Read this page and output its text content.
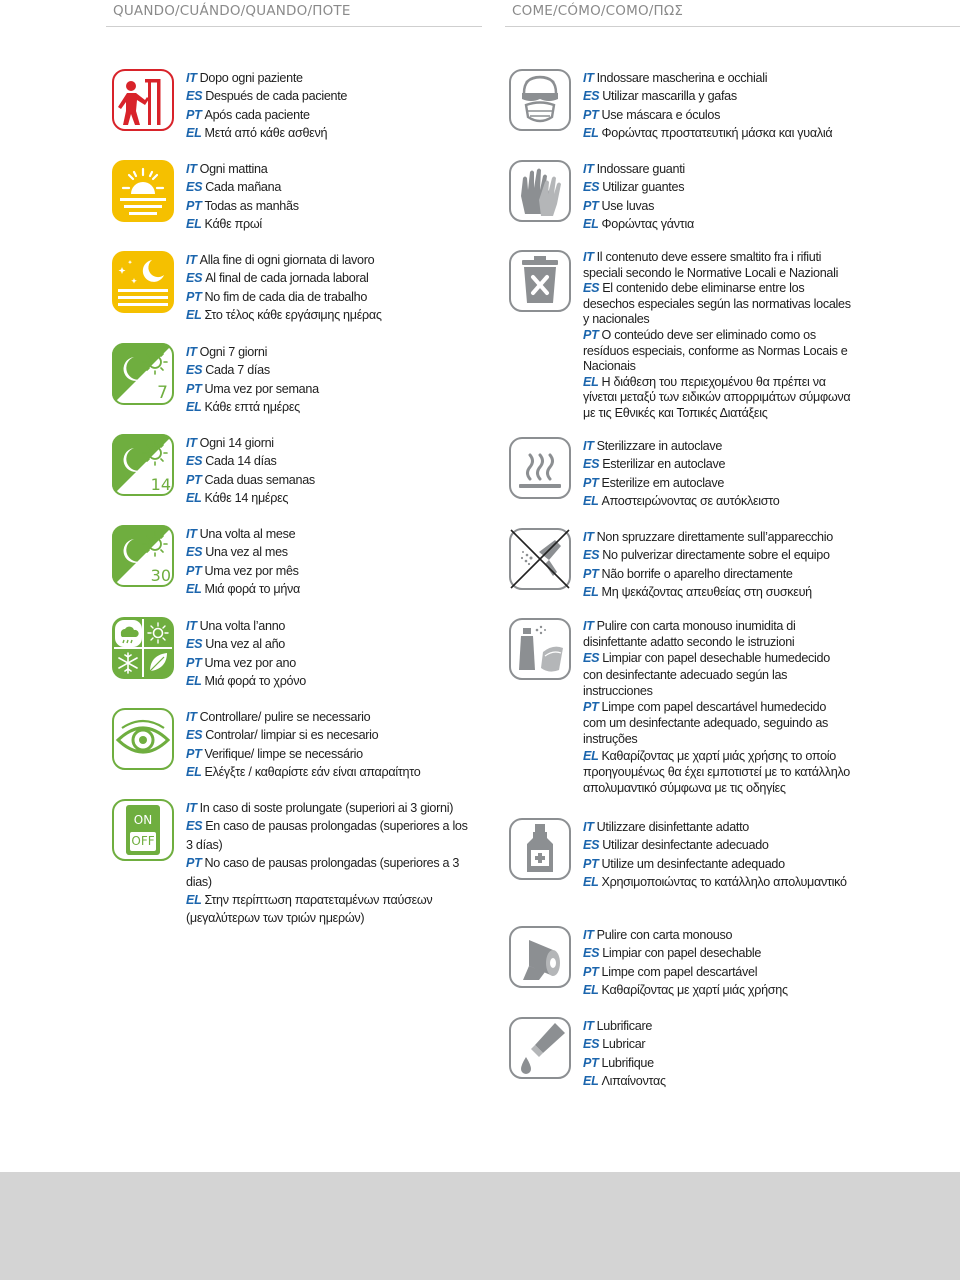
QUANDO/CUÁNDO/QUANDO/ΠΟΤΕ	COME/CÓMO/COMO/ΠΩΣ

IT Dopo ogni paziente

ES Después de cada paciente

PT Após cada paciente

EL Μετά από κάθε ασθενή

IT Ogni mattina

ES Cada mañana

PT Todas as manhãs

EL Κάθε πρωί

IT Alla fine di ogni giornata di lavoro

ES Al final de cada jornada laboral

PT No fim de cada dia de trabalho

EL Στο τέλος κάθε εργάσιμης ημέρας

7

IT Ogni 7 giorni

ES Cada 7 días

PT Uma vez por semana

EL Κάθε επτά ημέρες

14

IT Ogni 14 giorni

ES Cada 14 días

PT Cada duas semanas

EL Κάθε 14 ημέρες

30

IT Una volta al mese

ES Una vez al mes

PT Uma vez por mês

EL Μιά φορά το μήνα

IT Una volta l’anno

ES Una vez al año

PT Uma vez por ano

EL Μιά φορά το χρόνο

IT Controllare/ pulire se necessario

ES Controlar/ limpiar si es necesario

PT Verifique/ limpe se necessário

EL Ελέγξτε / καθαρίστε εάν είναι απαραίτητο

ON
OFF

IT In caso di soste prolungate (superiori ai 3 giorni)

ES En caso de pausas prolongadas (superiores a los 3 días)

PT No caso de pausas prolongadas (superiores a 3 dias)

EL Στην περίπτωση παρατεταμένων παύσεων (μεγαλύτερων των τριών ημερών)

IT Indossare mascherina e occhiali

ES Utilizar mascarilla y gafas

PT Use máscara e óculos

EL Φορώντας προστατευτική μάσκα και γυαλιά

IT Indossare guanti

ES Utilizar guantes

PT Use luvas

EL Φορώντας γάντια

IT Il contenuto deve essere smaltito fra i rifiuti speciali secondo le Normative Locali e Nazionali

ES El contenido debe eliminarse entre los desechos especiales según las normativas locales y nacionales

PT O conteúdo deve ser eliminado como os resíduos especiais, conforme as Normas Locais e Nacionais

EL Η διάθεση του περιεχομένου θα πρέπει να γίνεται μεταξύ των ειδικών απορριμάτων σύμφωνα με τις Εθνικές και Τοπικές Διατάξεις

IT Sterilizzare in autoclave

ES Esterilizar en autoclave

PT Esterilize em autoclave

EL Αποστειρώνοντας σε αυτόκλειστο

IT Non spruzzare direttamente sull’apparecchio

ES No pulverizar directamente sobre el equipo

PT Não borrife o aparelho directamente

EL Μη ψεκάζοντας απευθείας στη συσκευή

IT Pulire con carta monouso inumidita di disinfettante adatto secondo le istruzioni

ES Limpiar con papel desechable humedecido con desinfectante adecuado según las instrucciones

PT Limpe com papel descartável humedecido com um desinfectante adequado, seguindo as instruções

EL Καθαρίζοντας με χαρτί μιάς χρήσης το οποίο προηγουμένως θα έχει εμποτιστεί με το κατάλληλο απολυμαντικό σύμφωνα με τις οδηγίες

IT Utilizzare disinfettante adatto

ES Utilizar desinfectante adecuado

PT Utilize um desinfectante adequado

EL Χρησιμοποιώντας το κατάλληλο απολυμαντικό

IT Pulire con carta monouso

ES Limpiar con papel desechable

PT Limpe com papel descartável

EL Καθαρίζοντας με χαρτί μιάς χρήσης

IT Lubrificare

ES Lubricar

PT Lubrifique

EL Λιπαίνοντας
